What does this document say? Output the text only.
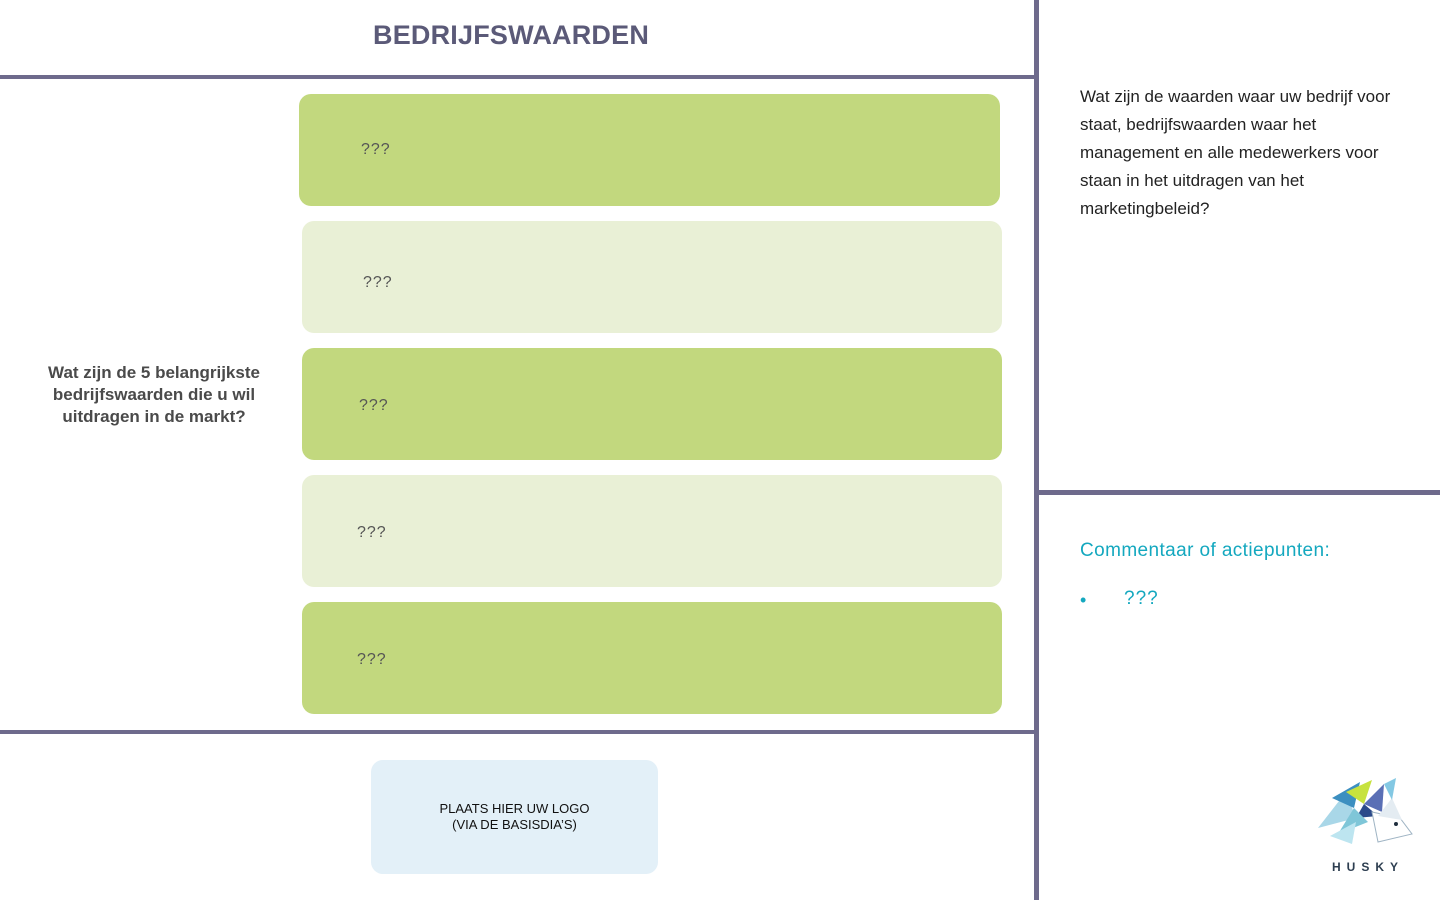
BEDRIJFSWAARDEN
Wat zijn de 5 belangrijkste bedrijfswaarden die u wil uitdragen in de markt?
???
???
???
???
???
Wat zijn de waarden waar uw bedrijf voor staat, bedrijfswaarden waar het management en alle medewerkers voor staan in het uitdragen van het marketingbeleid?
Commentaar of actiepunten:
• ???
PLAATS HIER UW LOGO
(VIA DE BASISDIA’S)
HUSKY
